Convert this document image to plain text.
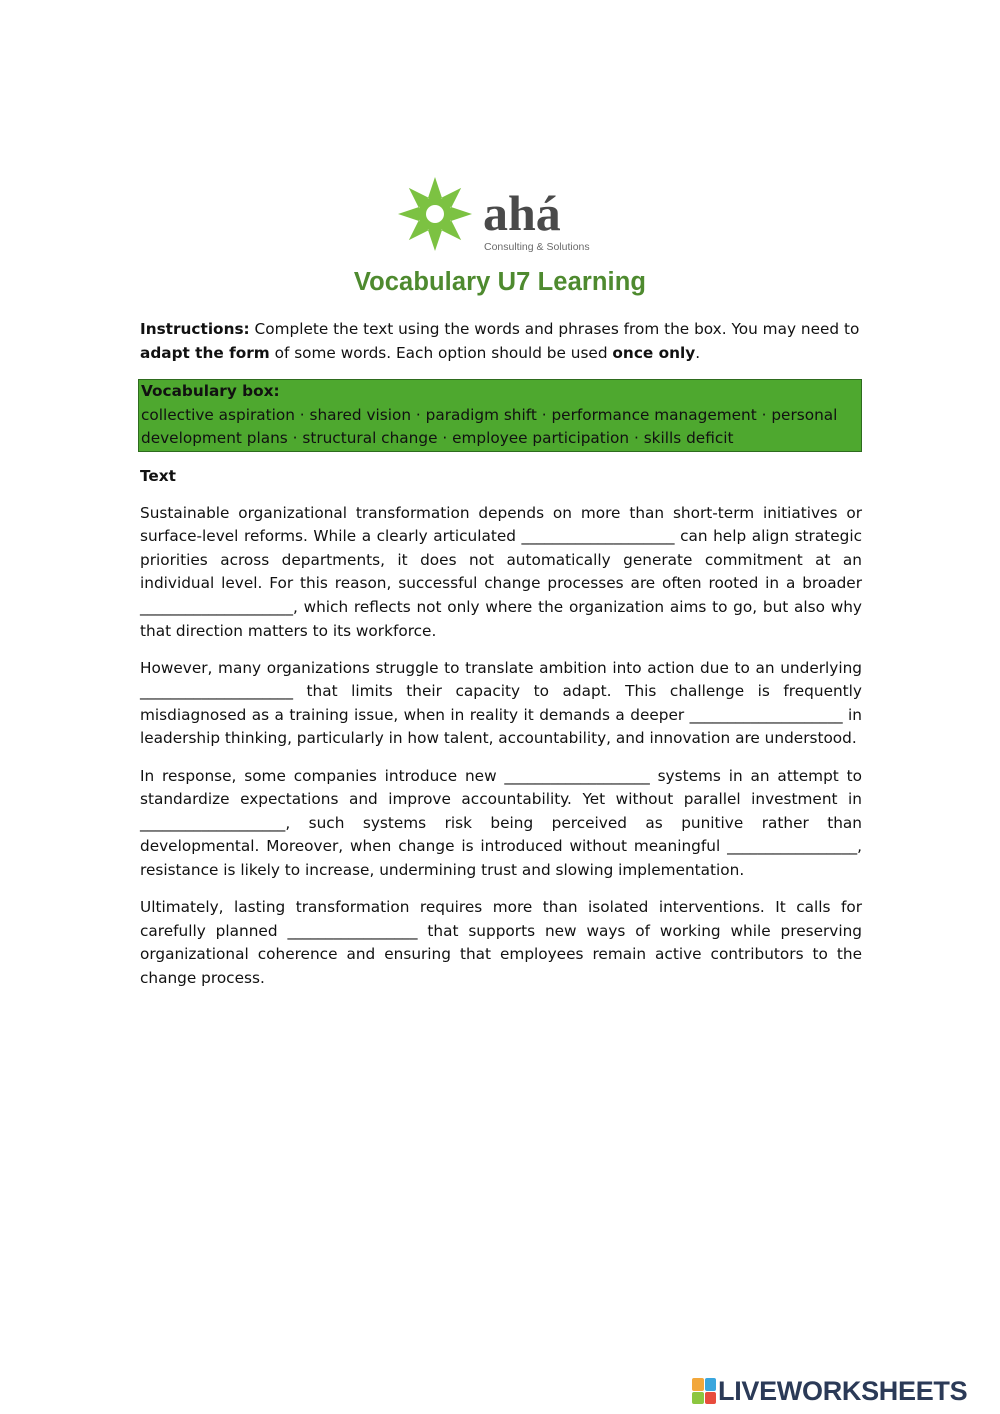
ahá
Consulting & Solutions
Vocabulary U7 Learning

Instructions: Complete the text using the words and phrases from the box. You may need to adapt the form of some words. Each option should be used once only.

Vocabulary box:
collective aspiration · shared vision · paradigm shift · performance management · personal development plans · structural change · employee participation · skills deficit

Text

Sustainable organizational transformation depends on more than short-term initiatives or surface-level reforms. While a clearly articulated ____________________ can help align strategic priorities across departments, it does not automatically generate commitment at an individual level. For this reason, successful change processes are often rooted in a broader ____________________, which reflects not only where the organization aims to go, but also why that direction matters to its workforce.

However, many organizations struggle to translate ambition into action due to an underlying ____________________ that limits their capacity to adapt. This challenge is frequently misdiagnosed as a training issue, when in reality it demands a deeper ____________________ in leadership thinking, particularly in how talent, accountability, and innovation are understood.

In response, some companies introduce new ___________________ systems in an attempt to standardize expectations and improve accountability. Yet without parallel investment in ___________________, such systems risk being perceived as punitive rather than developmental. Moreover, when change is introduced without meaningful _________________, resistance is likely to increase, undermining trust and slowing implementation.

Ultimately, lasting transformation requires more than isolated interventions. It calls for carefully planned _________________ that supports new ways of working while preserving organizational coherence and ensuring that employees remain active contributors to the change process.

LIVEWORKSHEETS
